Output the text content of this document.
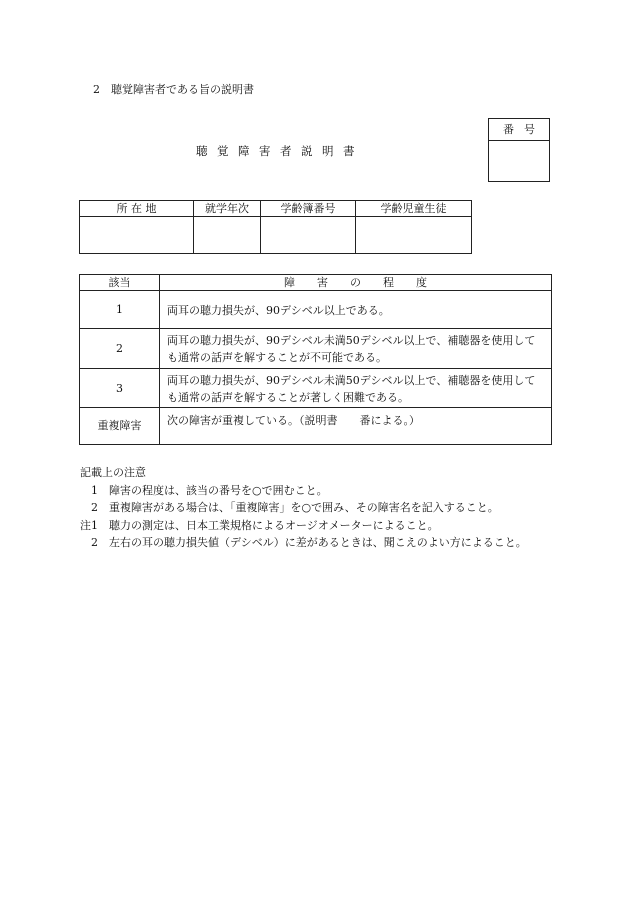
2　聴覚障害者である旨の説明書
聴覚障害者説明書
番号
所 在 地	就学年次	学齢簿番号	学齢児童生徒

該当	障害の程度
1	両耳の聴力損失が、90デシベル以上である。
2	両耳の聴力損失が、90デシベル未満50デシベル以上で、補聴器を使用しても通常の話声を解することが不可能である。
3	両耳の聴力損失が、90デシベル未満50デシベル以上で、補聴器を使用しても通常の話声を解することが著しく困難である。
重複障害	次の障害が重複している。（説明書　　番による。）
記載上の注意
　1　障害の程度は、該当の番号を○で囲むこと。
　2　重複障害がある場合は、「重複障害」を○で囲み、その障害名を記入すること。
注1　聴力の測定は、日本工業規格によるオージオメーターによること。
　2　左右の耳の聴力損失値（デシベル）に差があるときは、聞こえのよい方によること。
